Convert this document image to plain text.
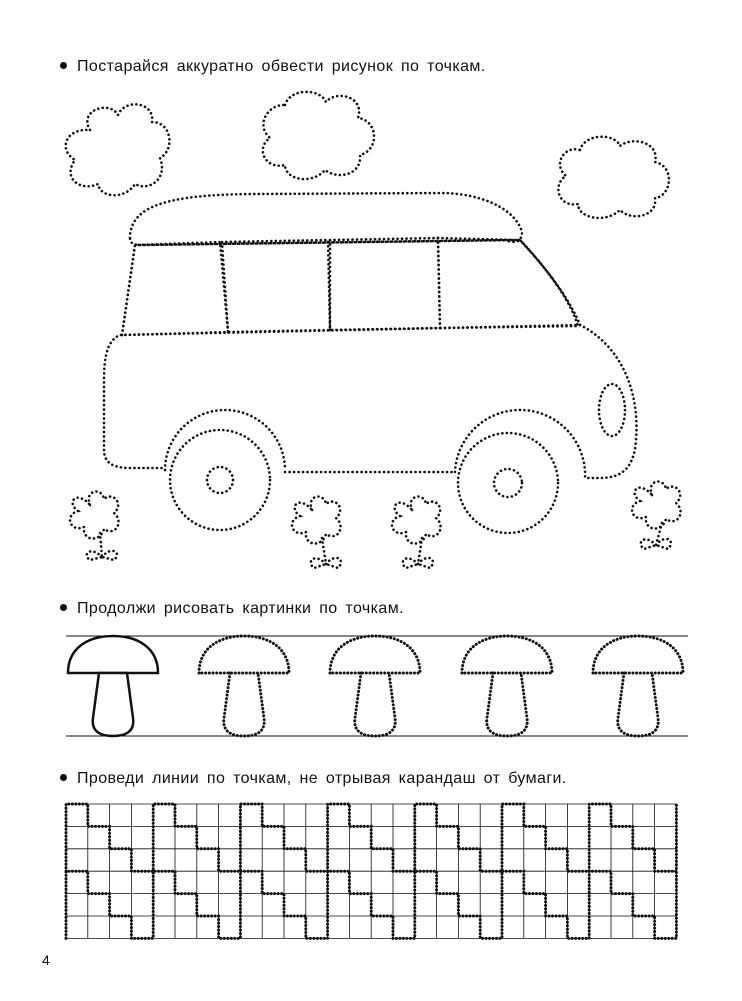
Постарайся аккуратно обвести рисунок по точкам.
Продолжи рисовать картинки по точкам.
Проведи линии по точкам, не отрывая карандаш от бумаги.
4
